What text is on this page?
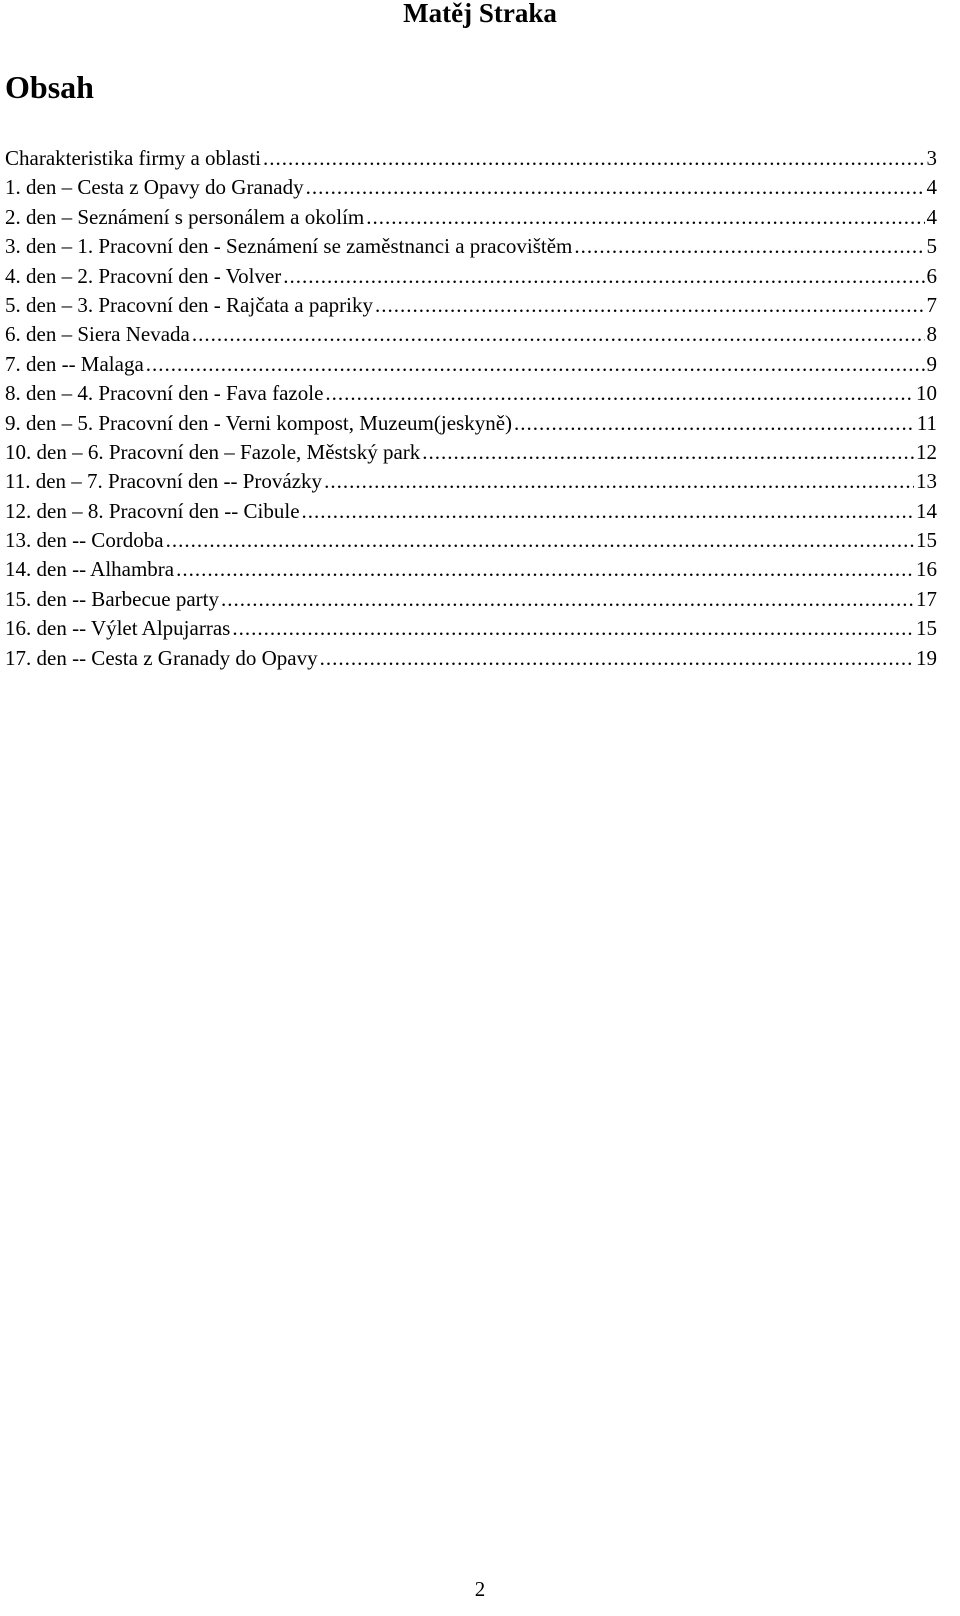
Matěj Straka
Obsah
Charakteristika firmy a oblasti .....	3
1. den – Cesta z Opavy do Granady .....	4
2. den – Seznámení s personálem a okolím .....	4
3. den – 1. Pracovní den - Seznámení se zaměstnanci a pracovištěm .....	5
4. den – 2. Pracovní den - Volver .....	6
5. den – 3. Pracovní den - Rajčata a papriky .....	7
6. den – Siera Nevada .....	8
7. den -- Malaga .....	9
8. den – 4. Pracovní den - Fava fazole .....	10
9. den – 5. Pracovní den - Verni kompost, Muzeum(jeskyně) .....	11
10. den – 6. Pracovní den – Fazole, Městský park .....	12
11. den – 7. Pracovní den -- Provázky .....	13
12. den – 8. Pracovní den -- Cibule .....	14
13. den -- Cordoba .....	15
14. den -- Alhambra .....	16
15. den -- Barbecue party .....	17
16. den -- Výlet Alpujarras .....	15
17. den -- Cesta z Granady do Opavy .....	19
2
